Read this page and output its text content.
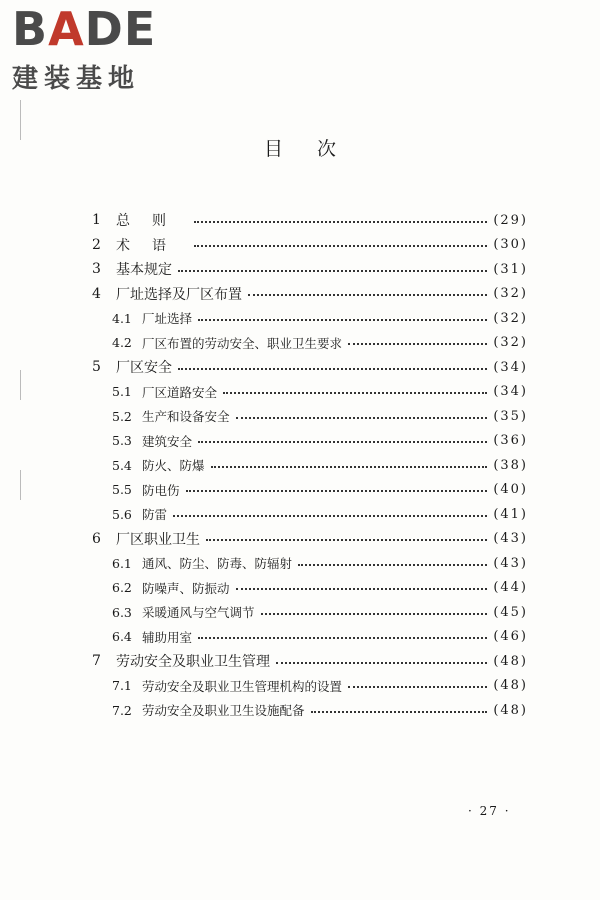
BADE
建装基地
目次
1	总则	(29)
2	术语	(30)
3	基本规定	(31)
4	厂址选择及厂区布置	(32)
4.1 厂址选择	(32)
4.2 厂区布置的劳动安全、职业卫生要求	(32)
5	厂区安全	(34)
5.1 厂区道路安全	(34)
5.2 生产和设备安全	(35)
5.3 建筑安全	(36)
5.4 防火、防爆	(38)
5.5 防电伤	(40)
5.6 防雷	(41)
6	厂区职业卫生	(43)
6.1 通风、防尘、防毒、防辐射	(43)
6.2 防噪声、防振动	(44)
6.3 采暖通风与空气调节	(45)
6.4 辅助用室	(46)
7	劳动安全及职业卫生管理	(48)
7.1 劳动安全及职业卫生管理机构的设置	(48)
7.2 劳动安全及职业卫生设施配备	(48)
· 27 ·
